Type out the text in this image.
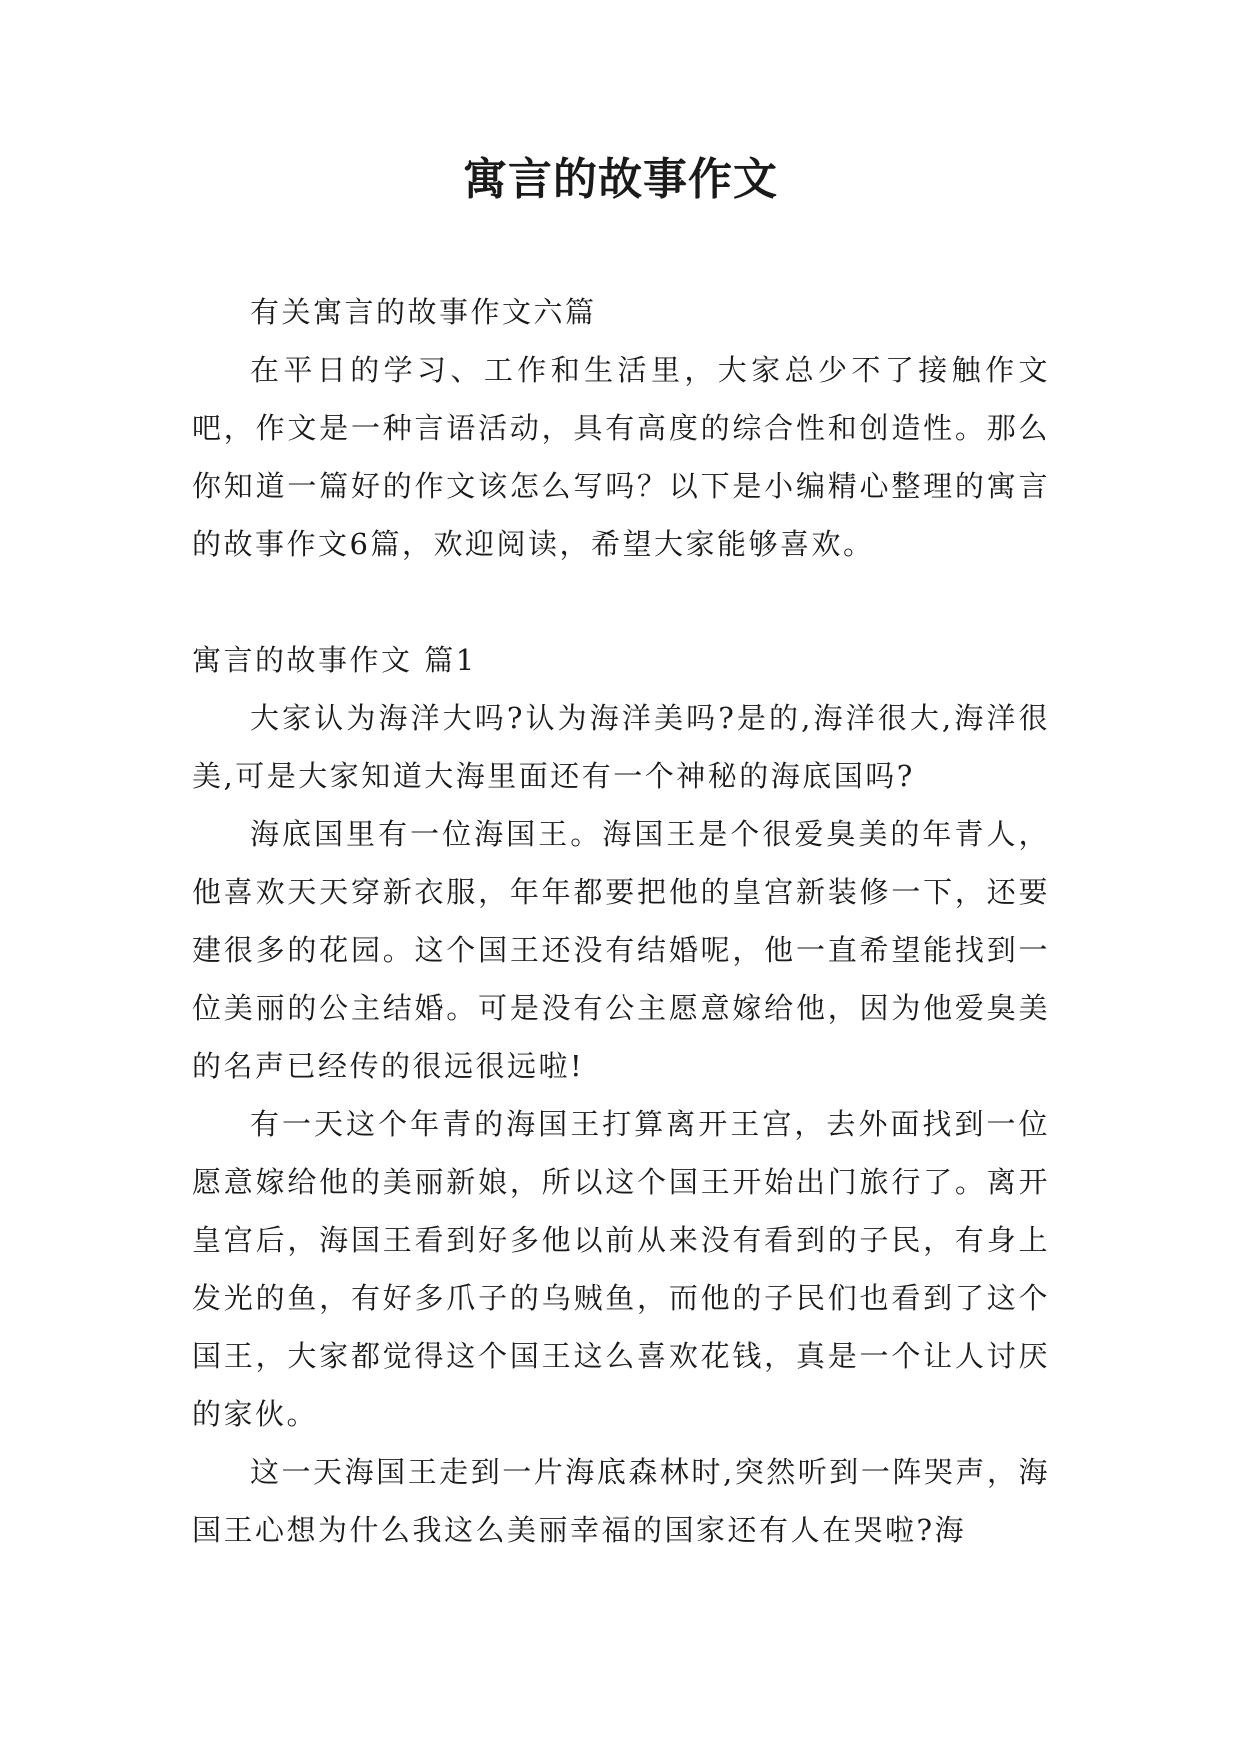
寓言的故事作文

有关寓言的故事作文六篇

在平日的学习、工作和生活里，大家总少不了接触作文吧，作文是一种言语活动，具有高度的综合性和创造性。那么你知道一篇好的作文该怎么写吗？以下是小编精心整理的寓言的故事作文6篇，欢迎阅读，希望大家能够喜欢。

寓言的故事作文 篇1

大家认为海洋大吗?认为海洋美吗?是的,海洋很大,海洋很美,可是大家知道大海里面还有一个神秘的海底国吗?

海底国里有一位海国王。海国王是个很爱臭美的年青人，他喜欢天天穿新衣服，年年都要把他的皇宫新装修一下，还要建很多的花园。这个国王还没有结婚呢，他一直希望能找到一位美丽的公主结婚。可是没有公主愿意嫁给他，因为他爱臭美的名声已经传的很远很远啦!

有一天这个年青的海国王打算离开王宫，去外面找到一位愿意嫁给他的美丽新娘，所以这个国王开始出门旅行了。离开皇宫后，海国王看到好多他以前从来没有看到的子民，有身上发光的鱼，有好多爪子的乌贼鱼，而他的子民们也看到了这个国王，大家都觉得这个国王这么喜欢花钱，真是一个让人讨厌的家伙。

这一天海国王走到一片海底森林时,突然听到一阵哭声，海国王心想为什么我这么美丽幸福的国家还有人在哭啦?海
